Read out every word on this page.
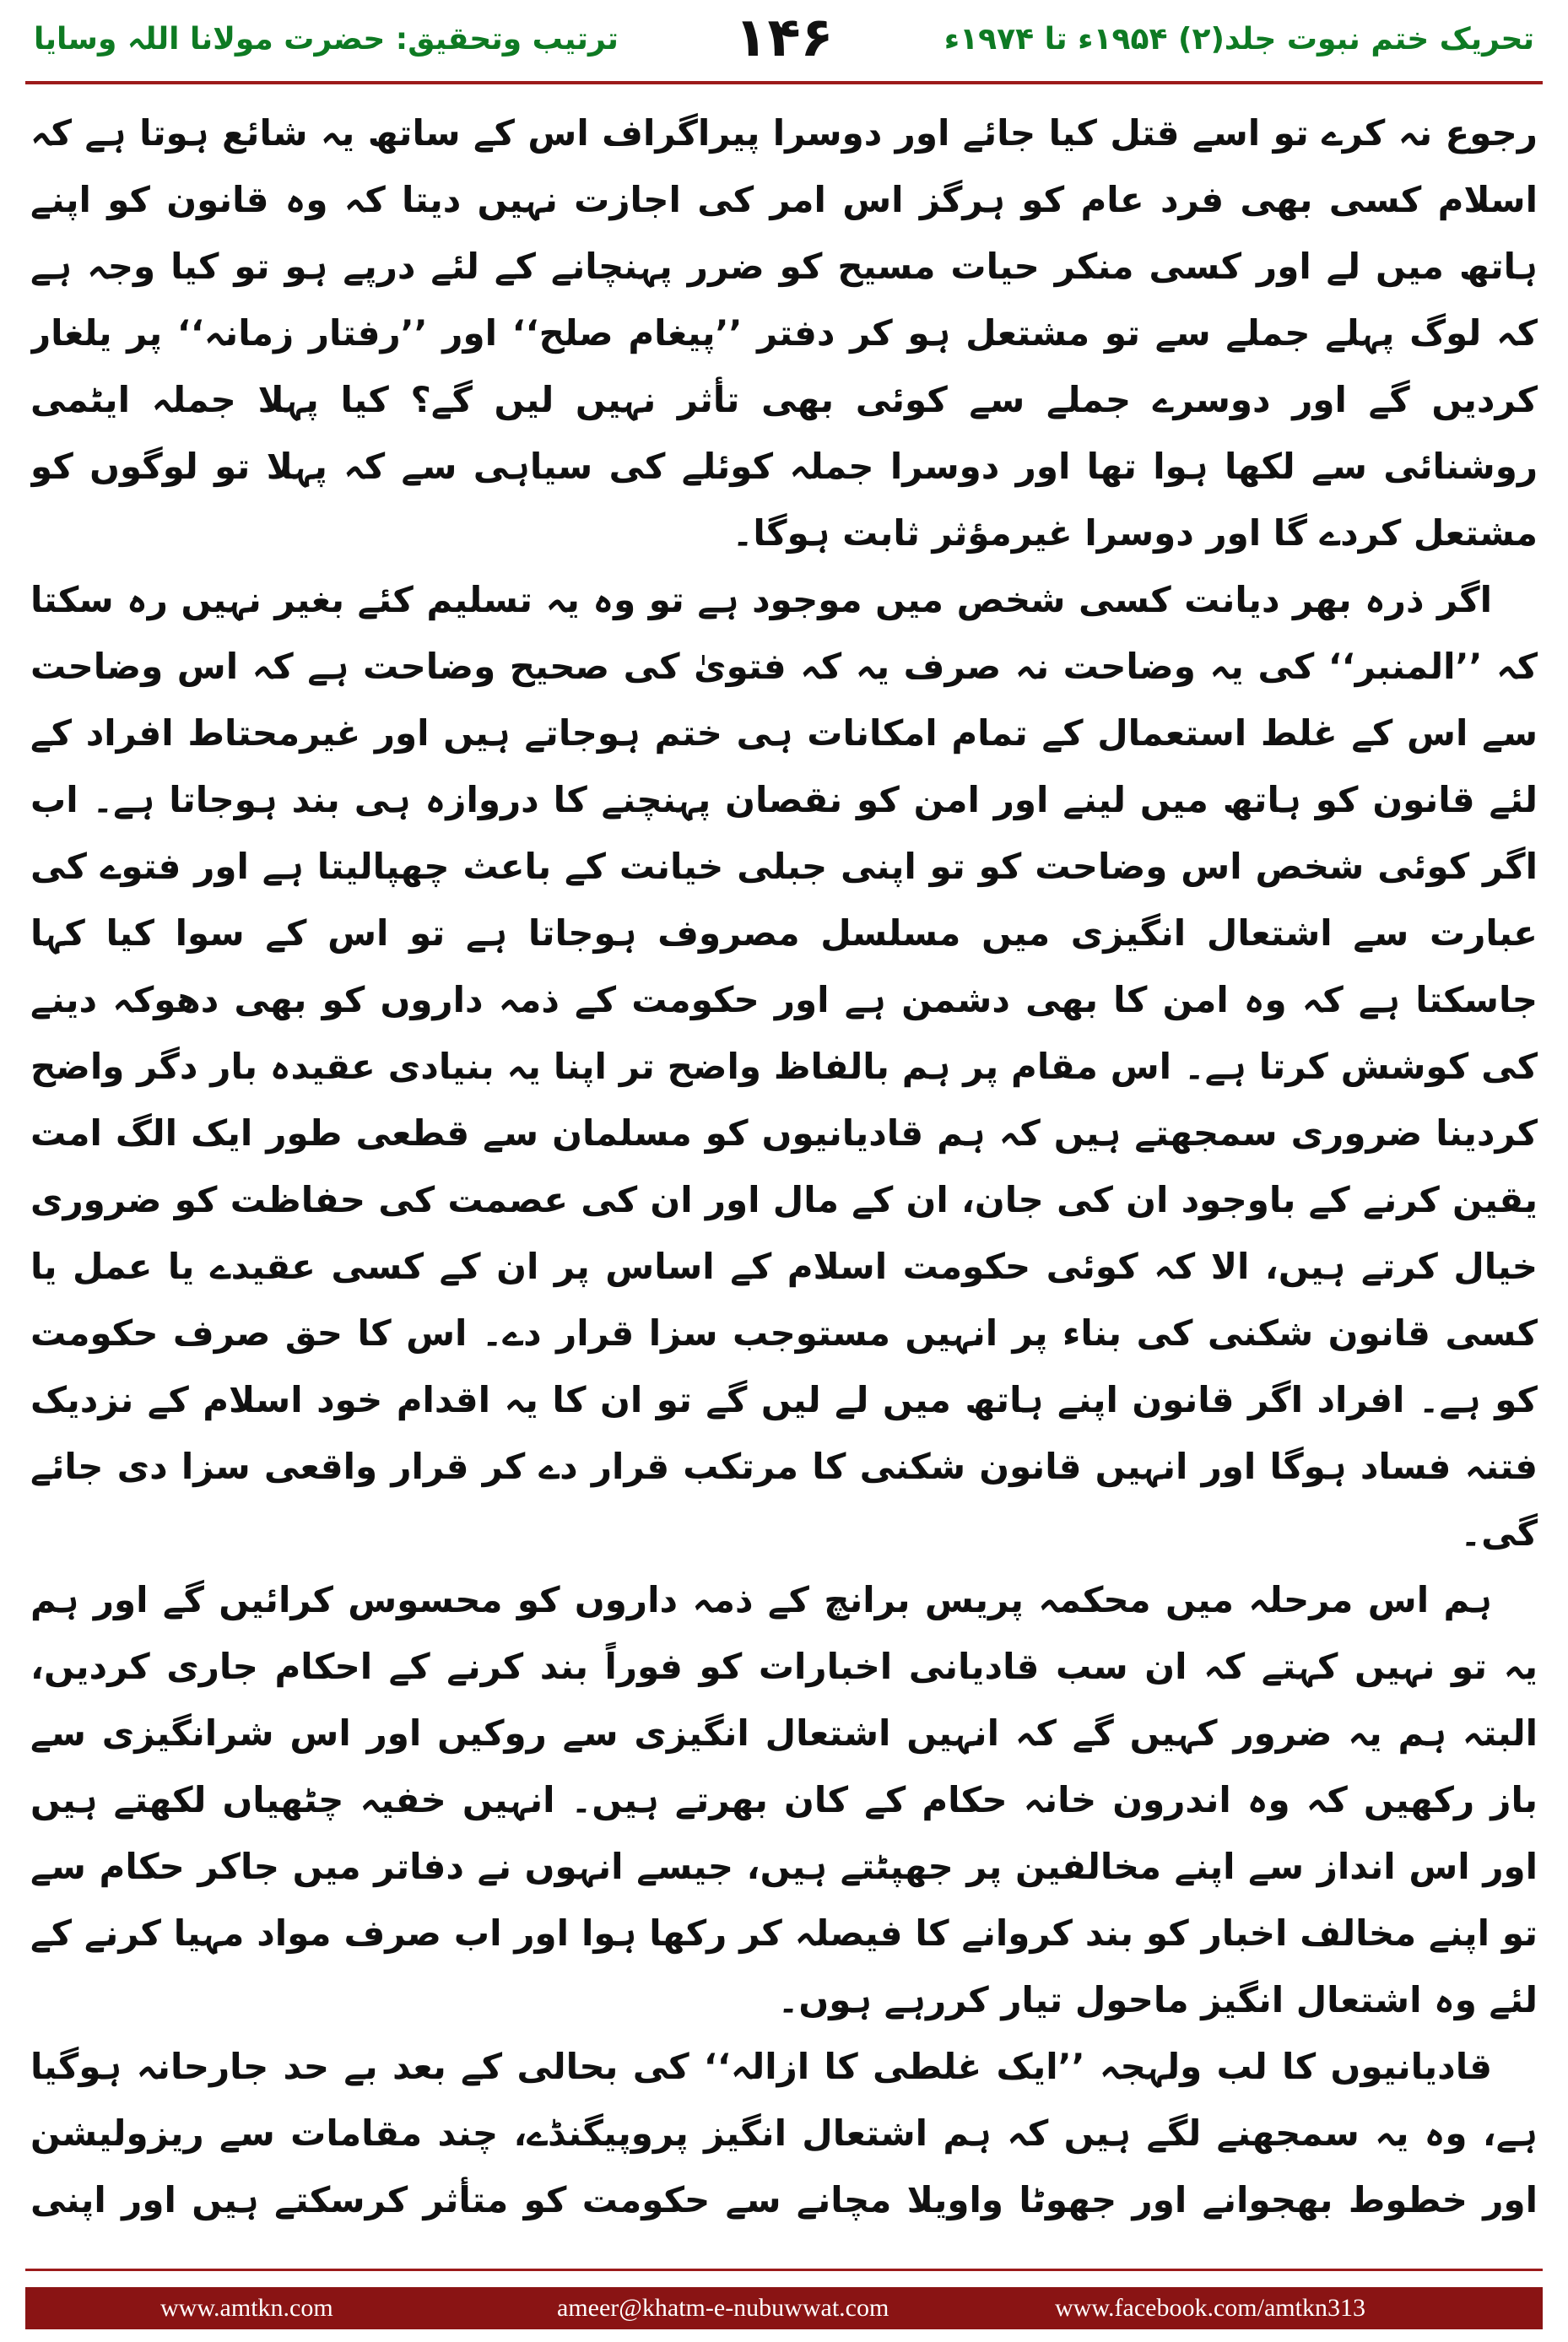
ترتیب وتحقیق: حضرت مولانا اللہ وسایا	۱۴۶	تحریک ختم نبوت جلد(۲) ۱۹۵۴ء تا ۱۹۷۴ء

رجوع نہ کرے تو اسے قتل کیا جائے اور دوسرا پیراگراف اس کے ساتھ یہ شائع ہوتا ہے کہ اسلام کسی بھی فرد عام کو ہرگز اس امر کی اجازت نہیں دیتا کہ وہ قانون کو اپنے ہاتھ میں لے اور کسی منکر حیات مسیح کو ضرر پہنچانے کے لئے درپے ہو تو کیا وجہ ہے کہ لوگ پہلے جملے سے تو مشتعل ہو کر دفتر ’’پیغام صلح‘‘ اور ’’رفتار زمانہ‘‘ پر یلغار کردیں گے اور دوسرے جملے سے کوئی بھی تأثر نہیں لیں گے؟ کیا پہلا جملہ ایٹمی روشنائی سے لکھا ہوا تھا اور دوسرا جملہ کوئلے کی سیاہی سے کہ پہلا تو لوگوں کو مشتعل کردے گا اور دوسرا غیرمؤثر ثابت ہوگا۔

اگر ذرہ بھر دیانت کسی شخص میں موجود ہے تو وہ یہ تسلیم کئے بغیر نہیں رہ سکتا کہ ’’المنبر‘‘ کی یہ وضاحت نہ صرف یہ کہ فتویٰ کی صحیح وضاحت ہے کہ اس وضاحت سے اس کے غلط استعمال کے تمام امکانات ہی ختم ہوجاتے ہیں اور غیرمحتاط افراد کے لئے قانون کو ہاتھ میں لینے اور امن کو نقصان پہنچنے کا دروازہ ہی بند ہوجاتا ہے۔ اب اگر کوئی شخص اس وضاحت کو تو اپنی جبلی خیانت کے باعث چھپالیتا ہے اور فتوے کی عبارت سے اشتعال انگیزی میں مسلسل مصروف ہوجاتا ہے تو اس کے سوا کیا کہا جاسکتا ہے کہ وہ امن کا بھی دشمن ہے اور حکومت کے ذمہ داروں کو بھی دھوکہ دینے کی کوشش کرتا ہے۔ اس مقام پر ہم بالفاظ واضح تر اپنا یہ بنیادی عقیدہ بار دگر واضح کردینا ضروری سمجھتے ہیں کہ ہم قادیانیوں کو مسلمان سے قطعی طور ایک الگ امت یقین کرنے کے باوجود ان کی جان، ان کے مال اور ان کی عصمت کی حفاظت کو ضروری خیال کرتے ہیں، الا کہ کوئی حکومت اسلام کے اساس پر ان کے کسی عقیدے یا عمل یا کسی قانون شکنی کی بناء پر انہیں مستوجب سزا قرار دے۔ اس کا حق صرف حکومت کو ہے۔ افراد اگر قانون اپنے ہاتھ میں لے لیں گے تو ان کا یہ اقدام خود اسلام کے نزدیک فتنہ فساد ہوگا اور انہیں قانون شکنی کا مرتکب قرار دے کر قرار واقعی سزا دی جائے گی۔

ہم اس مرحلہ میں محکمہ پریس برانچ کے ذمہ داروں کو محسوس کرائیں گے اور ہم یہ تو نہیں کہتے کہ ان سب قادیانی اخبارات کو فوراً بند کرنے کے احکام جاری کردیں، البتہ ہم یہ ضرور کہیں گے کہ انہیں اشتعال انگیزی سے روکیں اور اس شرانگیزی سے باز رکھیں کہ وہ اندرون خانہ حکام کے کان بھرتے ہیں۔ انہیں خفیہ چٹھیاں لکھتے ہیں اور اس انداز سے اپنے مخالفین پر جھپٹتے ہیں، جیسے انہوں نے دفاتر میں جاکر حکام سے تو اپنے مخالف اخبار کو بند کروانے کا فیصلہ کر رکھا ہوا اور اب صرف مواد مہیا کرنے کے لئے وہ اشتعال انگیز ماحول تیار کررہے ہوں۔

قادیانیوں کا لب ولہجہ ’’ایک غلطی کا ازالہ‘‘ کی بحالی کے بعد بے حد جارحانہ ہوگیا ہے، وہ یہ سمجھنے لگے ہیں کہ ہم اشتعال انگیز پروپیگنڈے، چند مقامات سے ریزولیشن اور خطوط بھجوانے اور جھوٹا واویلا مچانے سے حکومت کو متأثر کرسکتے ہیں اور اپنی

www.amtkn.com	ameer@khatm-e-nubuwwat.com	www.facebook.com/amtkn313
